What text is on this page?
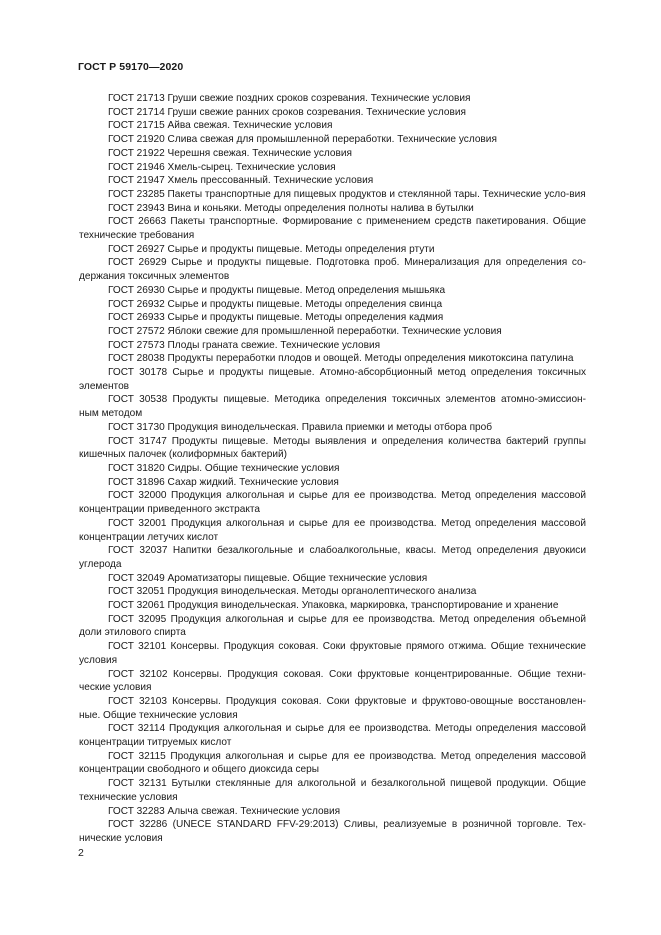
ГОСТ Р 59170—2020

ГОСТ 21713 Груши свежие поздних сроков созревания. Технические условия

ГОСТ 21714 Груши свежие ранних сроков созревания. Технические условия

ГОСТ 21715 Айва свежая. Технические условия

ГОСТ 21920 Слива свежая для промышленной переработки. Технические условия

ГОСТ 21922 Черешня свежая. Технические условия

ГОСТ 21946 Хмель-сырец. Технические условия

ГОСТ 21947 Хмель прессованный. Технические условия

ГОСТ 23285 Пакеты транспортные для пищевых продуктов и стеклянной тары. Технические усло-вия

ГОСТ 23943 Вина и коньяки. Методы определения полноты налива в бутылки

ГОСТ 26663 Пакеты транспортные. Формирование с применением средств пакетирования. Общие технические требования

ГОСТ 26927 Сырье и продукты пищевые. Методы определения ртути

ГОСТ 26929 Сырье и продукты пищевые. Подготовка проб. Минерализация для определения со-держания токсичных элементов

ГОСТ 26930 Сырье и продукты пищевые. Метод определения мышьяка

ГОСТ 26932 Сырье и продукты пищевые. Методы определения свинца

ГОСТ 26933 Сырье и продукты пищевые. Методы определения кадмия

ГОСТ 27572 Яблоки свежие для промышленной переработки. Технические условия

ГОСТ 27573 Плоды граната свежие. Технические условия

ГОСТ 28038 Продукты переработки плодов и овощей. Методы определения микотоксина патулина

ГОСТ 30178 Сырье и продукты пищевые. Атомно-абсорбционный метод определения токсичных элементов

ГОСТ 30538 Продукты пищевые. Методика определения токсичных элементов атомно-эмиссион-ным методом

ГОСТ 31730 Продукция винодельческая. Правила приемки и методы отбора проб

ГОСТ 31747 Продукты пищевые. Методы выявления и определения количества бактерий группы кишечных палочек (колиформных бактерий)

ГОСТ 31820 Сидры. Общие технические условия

ГОСТ 31896 Сахар жидкий. Технические условия

ГОСТ 32000 Продукция алкогольная и сырье для ее производства. Метод определения массовой концентрации приведенного экстракта

ГОСТ 32001 Продукция алкогольная и сырье для ее производства. Метод определения массовой концентрации летучих кислот

ГОСТ 32037 Напитки безалкогольные и слабоалкогольные, квасы. Метод определения двуокиси углерода

ГОСТ 32049 Ароматизаторы пищевые. Общие технические условия

ГОСТ 32051 Продукция винодельческая. Методы органолептического анализа

ГОСТ 32061 Продукция винодельческая. Упаковка, маркировка, транспортирование и хранение

ГОСТ 32095 Продукция алкогольная и сырье для ее производства. Метод определения объемной доли этилового спирта

ГОСТ 32101 Консервы. Продукция соковая. Соки фруктовые прямого отжима. Общие технические условия

ГОСТ 32102 Консервы. Продукция соковая. Соки фруктовые концентрированные. Общие техни-ческие условия

ГОСТ 32103 Консервы. Продукция соковая. Соки фруктовые и фруктово-овощные восстановлен-ные. Общие технические условия

ГОСТ 32114 Продукция алкогольная и сырье для ее производства. Методы определения массовой концентрации титруемых кислот

ГОСТ 32115 Продукция алкогольная и сырье для ее производства. Метод определения массовой концентрации свободного и общего диоксида серы

ГОСТ 32131 Бутылки стеклянные для алкогольной и безалкогольной пищевой продукции. Общие технические условия

ГОСТ 32283 Алыча свежая. Технические условия

ГОСТ 32286 (UNECE STANDARD FFV-29:2013) Сливы, реализуемые в розничной торговле. Тех-нические условия

2
